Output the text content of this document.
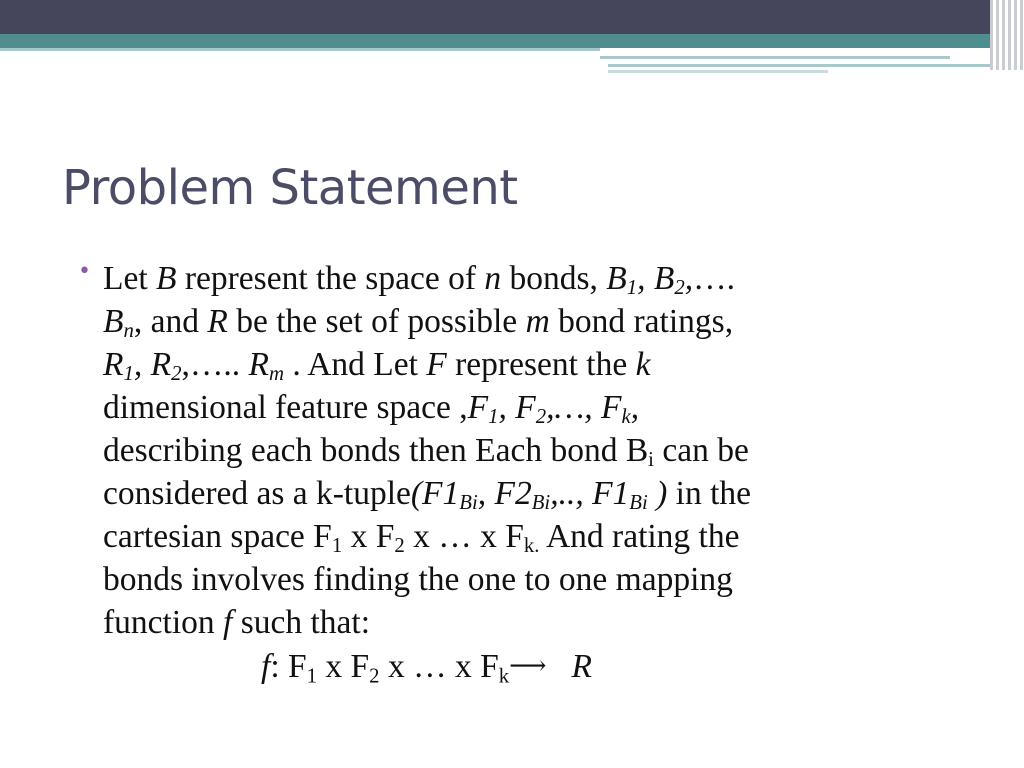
Problem Statement
• Let B represent the space of n bonds, $B_1$, $B_2,\dots$.
$B_n$, and R be the set of possible m bond ratings,
$R_1$, $R_2,\dots$.. $R_m$ . And Let F represent the k
dimensional feature space $,F_1$, $F_2,\dots$, $F_k$,
describing each bonds then Each bond $B_i$ can be
considered as a $k-tuple(F1_{Bi}$, $F2_{Bi}$,.., $F1_{Bi}$ ) in the
cartesian space $F_1$ x $F_2$ x … x $F_{k.}$ And rating the
bonds involves finding the one to one mapping
function f such that:
f: $F_1$ x $F_2$ x … x $F_k⟶$ R
